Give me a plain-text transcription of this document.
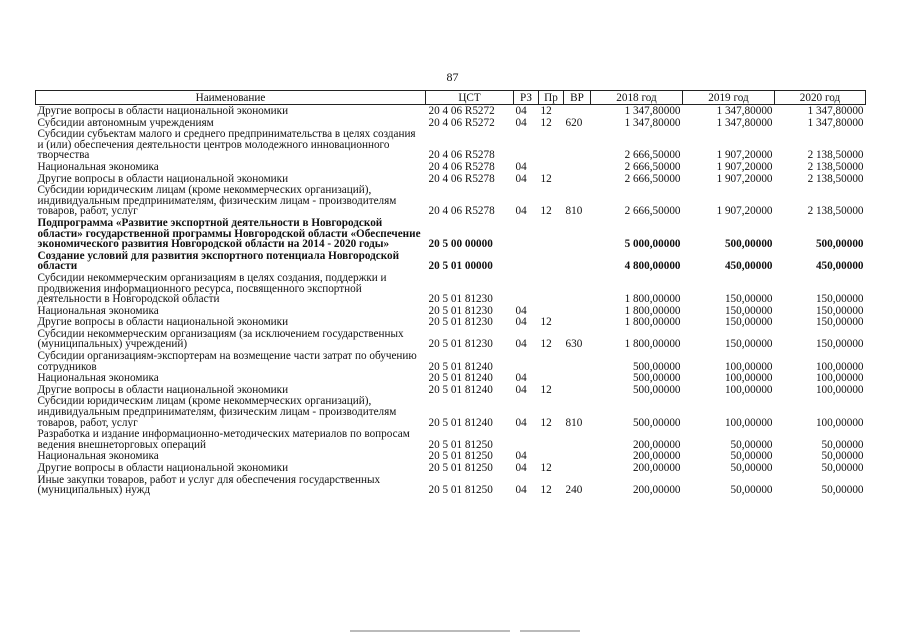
87
Наименование	ЦСТ	РЗ	Пр	ВР	2018 год	2019 год	2020 год
Другие вопросы в области национальной экономики	20 4 06 R5272	04	12		1 347,80000	1 347,80000	1 347,80000
Субсидии автономным учреждениям	20 4 06 R5272	04	12	620	1 347,80000	1 347,80000	1 347,80000
Субсидии субъектам малого и среднего предпринимательства в целях создания и (или) обеспечения деятельности центров молодежного инновационного творчества	20 4 06 R5278				2 666,50000	1 907,20000	2 138,50000
Национальная экономика	20 4 06 R5278	04			2 666,50000	1 907,20000	2 138,50000
Другие вопросы в области национальной экономики	20 4 06 R5278	04	12		2 666,50000	1 907,20000	2 138,50000
Субсидии юридическим лицам (кроме некоммерческих организаций), индивидуальным предпринимателям, физическим лицам - производителям товаров, работ, услуг	20 4 06 R5278	04	12	810	2 666,50000	1 907,20000	2 138,50000
Подпрограмма «Развитие экспортной деятельности в Новгородской области» государственной программы Новгородской области «Обеспечение экономического развития Новгородской области на 2014 - 2020 годы»	20 5 00 00000				5 000,00000	500,00000	500,00000
Создание условий для развития экспортного потенциала Новгородской области	20 5 01 00000				4 800,00000	450,00000	450,00000
Субсидии некоммерческим организациям в целях создания, поддержки и продвижения информационного ресурса, посвященного экспортной деятельности в Новгородской области	20 5 01 81230				1 800,00000	150,00000	150,00000
Национальная экономика	20 5 01 81230	04			1 800,00000	150,00000	150,00000
Другие вопросы в области национальной экономики	20 5 01 81230	04	12		1 800,00000	150,00000	150,00000
Субсидии некоммерческим организациям (за исключением государственных (муниципальных) учреждений)	20 5 01 81230	04	12	630	1 800,00000	150,00000	150,00000
Субсидии организациям-экспортерам на возмещение части затрат по обучению сотрудников	20 5 01 81240				500,00000	100,00000	100,00000
Национальная экономика	20 5 01 81240	04			500,00000	100,00000	100,00000
Другие вопросы в области национальной экономики	20 5 01 81240	04	12		500,00000	100,00000	100,00000
Субсидии юридическим лицам (кроме некоммерческих организаций), индивидуальным предпринимателям, физическим лицам - производителям товаров, работ, услуг	20 5 01 81240	04	12	810	500,00000	100,00000	100,00000
Разработка и издание информационно-методических материалов по вопросам ведения внешнеторговых операций	20 5 01 81250				200,00000	50,00000	50,00000
Национальная экономика	20 5 01 81250	04			200,00000	50,00000	50,00000
Другие вопросы в области национальной экономики	20 5 01 81250	04	12		200,00000	50,00000	50,00000
Иные закупки товаров, работ и услуг для обеспечения государственных (муниципальных) нужд	20 5 01 81250	04	12	240	200,00000	50,00000	50,00000
